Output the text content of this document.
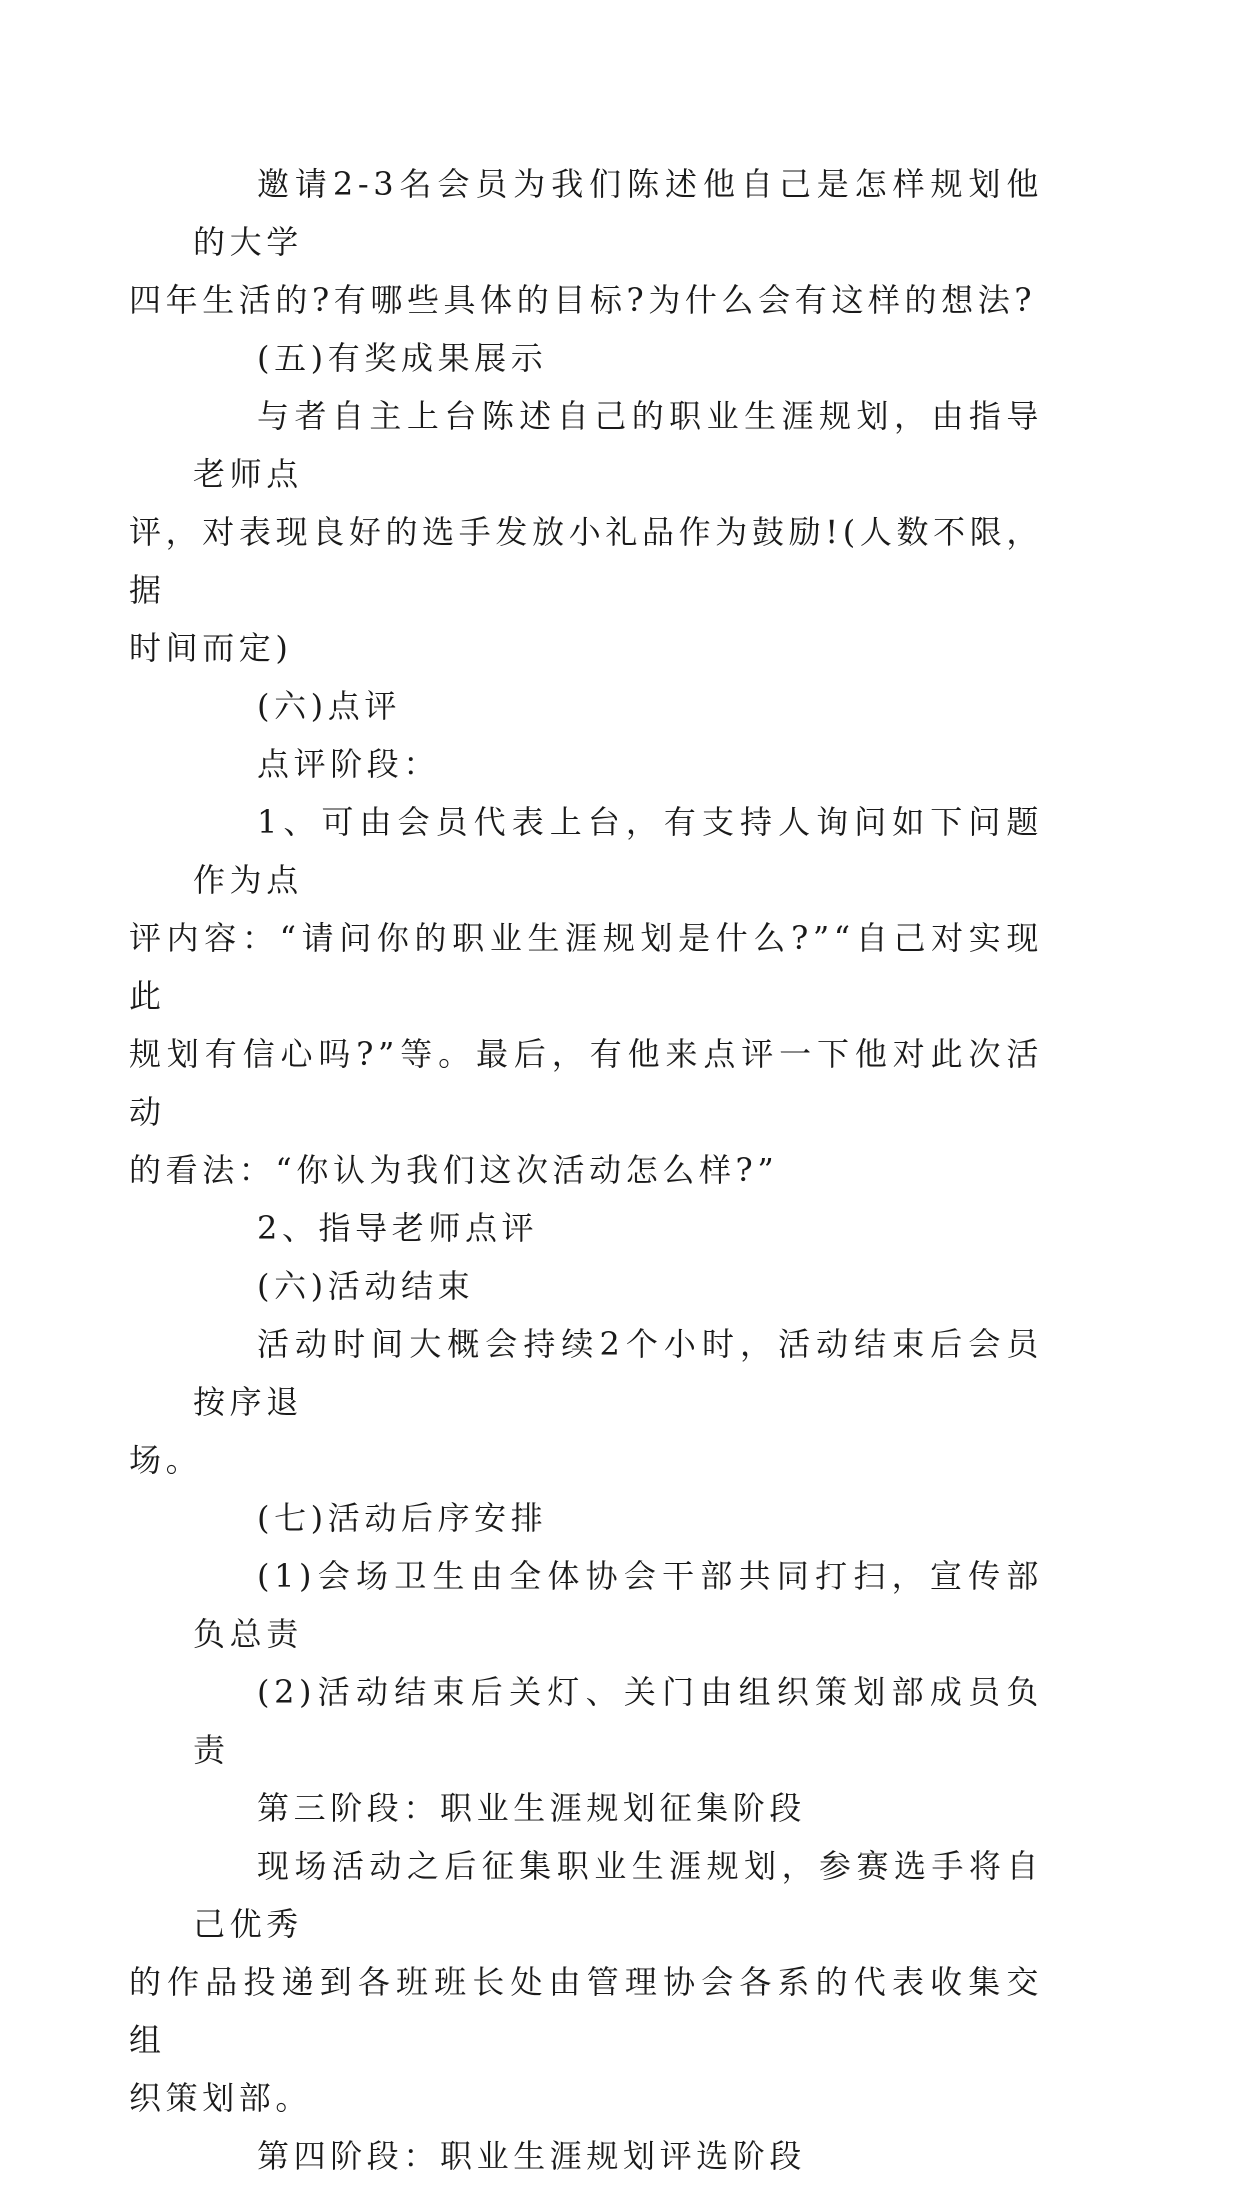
邀请2-3名会员为我们陈述他自己是怎样规划他的大学
四年生活的?有哪些具体的目标?为什么会有这样的想法?

(五)有奖成果展示

与者自主上台陈述自己的职业生涯规划，由指导老师点
评，对表现良好的选手发放小礼品作为鼓励!(人数不限，据
时间而定)

(六)点评

点评阶段：

1、可由会员代表上台，有支持人询问如下问题作为点
评内容：“请问你的职业生涯规划是什么?”“自己对实现此
规划有信心吗?”等。最后，有他来点评一下他对此次活动
的看法：“你认为我们这次活动怎么样?”

2、指导老师点评

(六)活动结束

活动时间大概会持续2个小时，活动结束后会员按序退
场。

(七)活动后序安排

(1)会场卫生由全体协会干部共同打扫，宣传部负总责

(2)活动结束后关灯、关门由组织策划部成员负责

第三阶段：职业生涯规划征集阶段

现场活动之后征集职业生涯规划，参赛选手将自己优秀
的作品投递到各班班长处由管理协会各系的代表收集交组
织策划部。

第四阶段：职业生涯规划评选阶段
